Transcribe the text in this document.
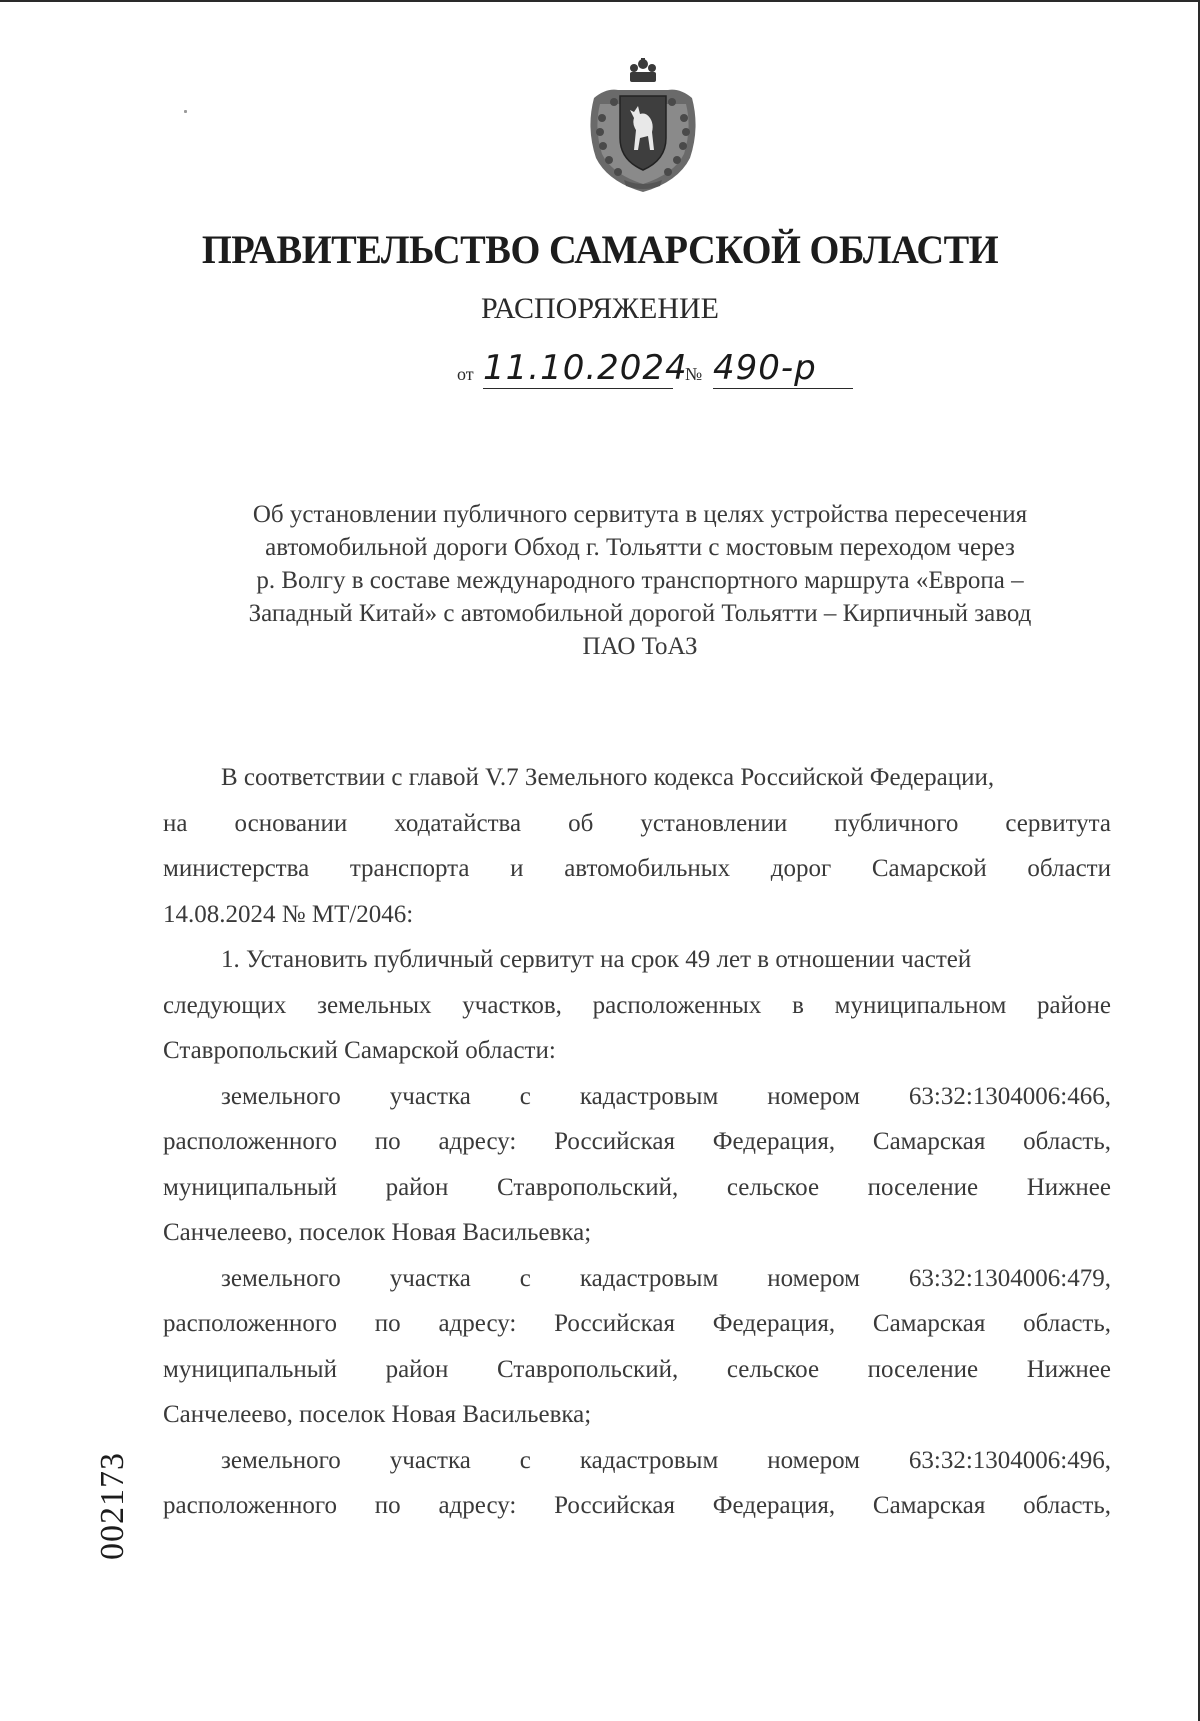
ПРАВИТЕЛЬСТВО САМАРСКОЙ ОБЛАСТИ
РАСПОРЯЖЕНИЕ
от 11.10.2024
№ 490-р
Об установлении публичного сервитута в целях устройства пересечения
автомобильной дороги Обход г. Тольятти с мостовым переходом через
р. Волгу в составе международного транспортного маршрута «Европа –
Западный Китай» с автомобильной дорогой Тольятти – Кирпичный завод
ПАО ТоАЗ
В соответствии с главой V.7 Земельного кодекса Российской Федерации,
на основании ходатайства об установлении публичного сервитута
министерства транспорта и автомобильных дорог Самарской области
14.08.2024 № МТ/2046:
1. Установить публичный сервитут на срок 49 лет в отношении частей
следующих земельных участков, расположенных в муниципальном районе
Ставропольский Самарской области:
земельного участка с кадастровым номером 63:32:1304006:466,
расположенного по адресу: Российская Федерация, Самарская область,
муниципальный район Ставропольский, сельское поселение Нижнее
Санчелеево, поселок Новая Васильевка;
земельного участка с кадастровым номером 63:32:1304006:479,
расположенного по адресу: Российская Федерация, Самарская область,
муниципальный район Ставропольский, сельское поселение Нижнее
Санчелеево, поселок Новая Васильевка;
земельного участка с кадастровым номером 63:32:1304006:496,
расположенного по адресу: Российская Федерация, Самарская область,
002173
